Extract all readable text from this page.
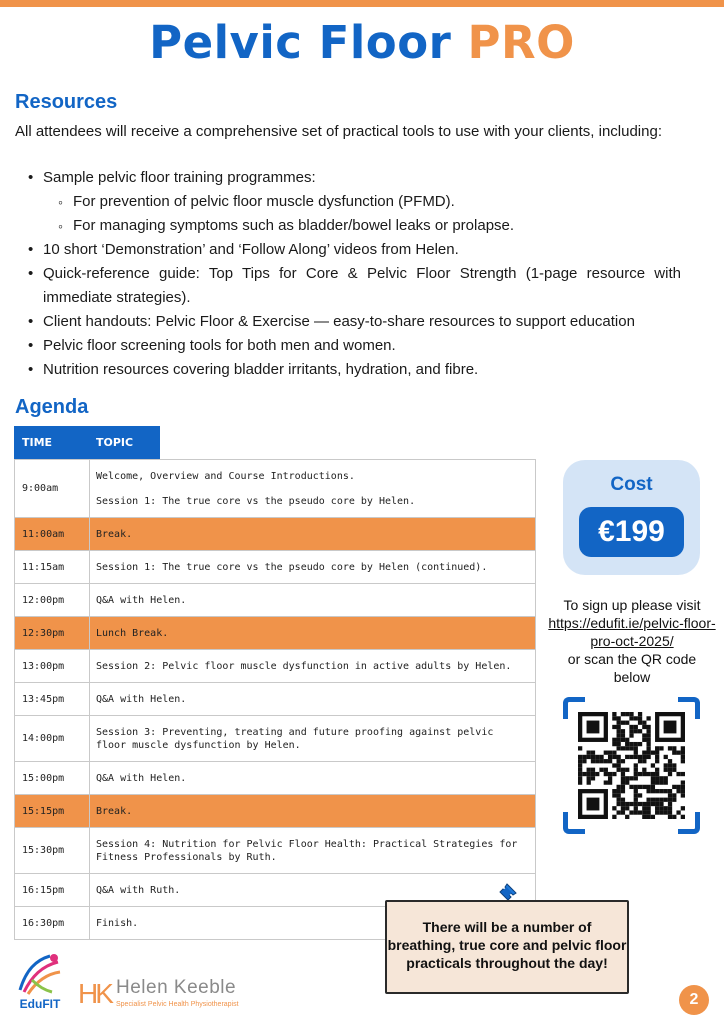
Pelvic Floor PRO
Resources

All attendees will receive a comprehensive set of practical tools to use with your clients, including:

• Sample pelvic floor training programmes:
◦ For prevention of pelvic floor muscle dysfunction (PFMD).
◦ For managing symptoms such as bladder/bowel leaks or prolapse.
• 10 short ‘Demonstration’ and ‘Follow Along’ videos from Helen.
• Quick-reference guide: Top Tips for Core & Pelvic Floor Strength (1-page resource with immediate strategies).
• Client handouts: Pelvic Floor & Exercise — easy-to-share resources to support education
• Pelvic floor screening tools for both men and women.
• Nutrition resources covering bladder irritants, hydration, and fibre.
Agenda
TIME	TOPIC
9:00am	Welcome, Overview and Course Introductions.
Session 1: The true core vs the pseudo core by Helen.

11:00am	Break.

11:15am	Session 1: The true core vs the pseudo core by Helen (continued).

12:00pm	Q&A with Helen.

12:30pm	Lunch Break.

13:00pm	Session 2: Pelvic floor muscle dysfunction in active adults by Helen.

13:45pm	Q&A with Helen.

14:00pm	Session 3: Preventing, treating and future proofing against pelvic floor muscle dysfunction by Helen.

15:00pm	Q&A with Helen.

15:15pm	Break.

15:30pm	Session 4: Nutrition for Pelvic Floor Health: Practical Strategies for Fitness Professionals by Ruth.

16:15pm	Q&A with Ruth.

16:30pm	Finish.
Cost
€199
To sign up please visit
https://edufit.ie/pelvic-floor-pro-oct-2025/
or scan the QR code below
There will be a number of breathing, true core and pelvic floor practicals throughout the day!
EduFIT HK Helen Keeble
Specialist Pelvic Health Physiotherapist	2
